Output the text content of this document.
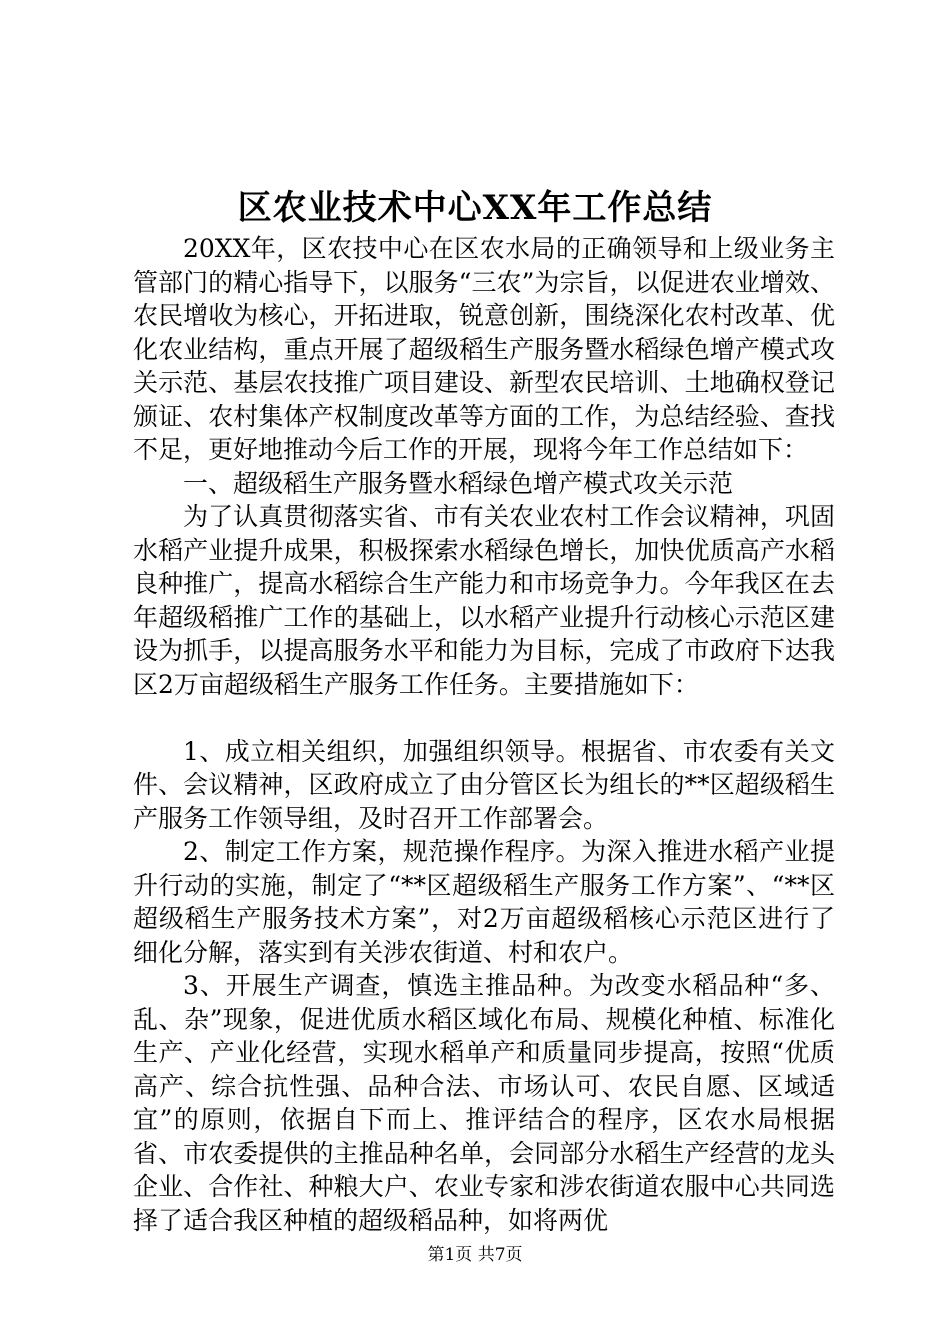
区农业技术中心XX年工作总结

20XX年，区农技中心在区农水局的正确领导和上级业务主管部门的精心指导下，以服务“三农”为宗旨，以促进农业增效、农民增收为核心，开拓进取，锐意创新，围绕深化农村改革、优化农业结构，重点开展了超级稻生产服务暨水稻绿色增产模式攻关示范、基层农技推广项目建设、新型农民培训、土地确权登记颁证、农村集体产权制度改革等方面的工作，为总结经验、查找不足，更好地推动今后工作的开展，现将今年工作总结如下：

一、超级稻生产服务暨水稻绿色增产模式攻关示范

为了认真贯彻落实省、市有关农业农村工作会议精神，巩固水稻产业提升成果，积极探索水稻绿色增长，加快优质高产水稻良种推广，提高水稻综合生产能力和市场竞争力。今年我区在去年超级稻推广工作的基础上，以水稻产业提升行动核心示范区建设为抓手，以提高服务水平和能力为目标，完成了市政府下达我区2万亩超级稻生产服务工作任务。主要措施如下：

1、成立相关组织，加强组织领导。根据省、市农委有关文件、会议精神，区政府成立了由分管区长为组长的**区超级稻生产服务工作领导组，及时召开工作部署会。

2、制定工作方案，规范操作程序。为深入推进水稻产业提升行动的实施，制定了“**区超级稻生产服务工作方案”、“**区超级稻生产服务技术方案”，对2万亩超级稻核心示范区进行了细化分解，落实到有关涉农街道、村和农户。

3、开展生产调查，慎选主推品种。为改变水稻品种“多、乱、杂”现象，促进优质水稻区域化布局、规模化种植、标准化生产、产业化经营，实现水稻单产和质量同步提高，按照“优质高产、综合抗性强、品种合法、市场认可、农民自愿、区域适宜”的原则，依据自下而上、推评结合的程序，区农水局根据省、市农委提供的主推品种名单，会同部分水稻生产经营的龙头企业、合作社、种粮大户、农业专家和涉农街道农服中心共同选择了适合我区种植的超级稻品种，如将两优

第1页 共7页
